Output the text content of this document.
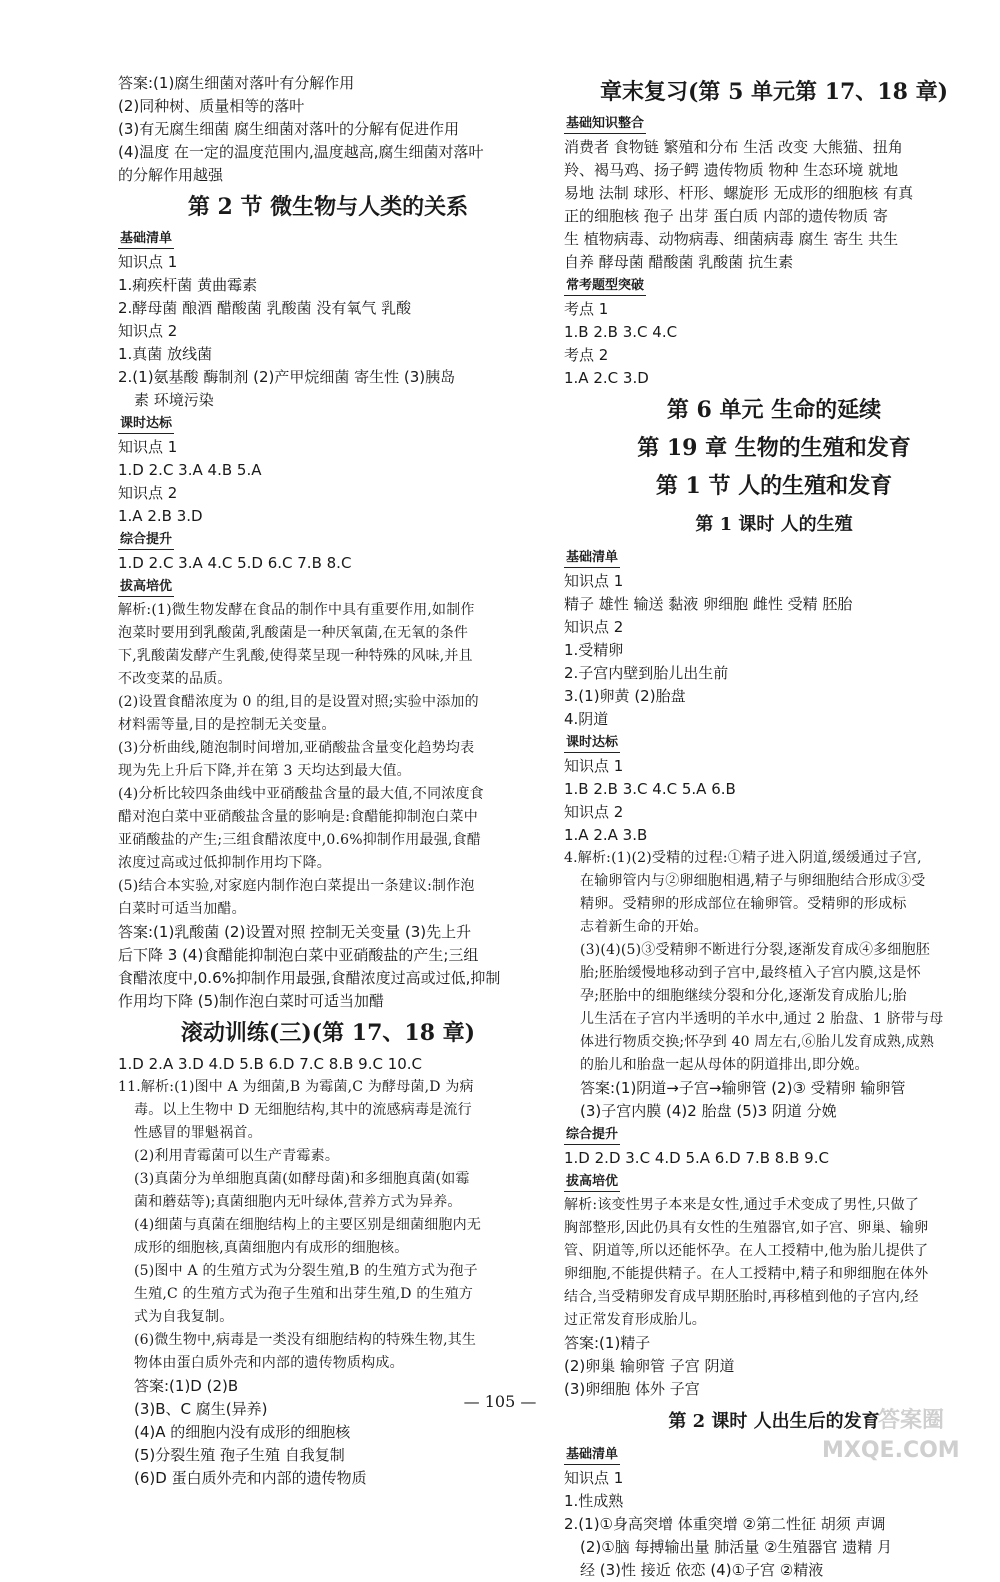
答案:(1)腐生细菌对落叶有分解作用
(2)同种树、质量相等的落叶
(3)有无腐生细菌 腐生细菌对落叶的分解有促进作用
(4)温度 在一定的温度范围内,温度越高,腐生细菌对落叶
的分解作用越强
第 2 节 微生物与人类的关系
基础清单
知识点 1
1.痢疾杆菌 黄曲霉素
2.酵母菌 酿酒 醋酸菌 乳酸菌 没有氧气 乳酸
知识点 2
1.真菌 放线菌
2.(1)氨基酸 酶制剂 (2)产甲烷细菌 寄生性 (3)胰岛
素 环境污染
课时达标
知识点 1
1.D 2.C 3.A 4.B 5.A
知识点 2
1.A 2.B 3.D
综合提升
1.D 2.C 3.A 4.C 5.D 6.C 7.B 8.C
拔高培优
解析:(1)微生物发酵在食品的制作中具有重要作用,如制作
泡菜时要用到乳酸菌,乳酸菌是一种厌氧菌,在无氧的条件
下,乳酸菌发酵产生乳酸,使得菜呈现一种特殊的风味,并且
不改变菜的品质。
(2)设置食醋浓度为 0 的组,目的是设置对照;实验中添加的
材料需等量,目的是控制无关变量。
(3)分析曲线,随泡制时间增加,亚硝酸盐含量变化趋势均表
现为先上升后下降,并在第 3 天均达到最大值。
(4)分析比较四条曲线中亚硝酸盐含量的最大值,不同浓度食
醋对泡白菜中亚硝酸盐含量的影响是:食醋能抑制泡白菜中
亚硝酸盐的产生;三组食醋浓度中,0.6%抑制作用最强,食醋
浓度过高或过低抑制作用均下降。
(5)结合本实验,对家庭内制作泡白菜提出一条建议:制作泡
白菜时可适当加醋。
答案:(1)乳酸菌 (2)设置对照 控制无关变量 (3)先上升
后下降 3 (4)食醋能抑制泡白菜中亚硝酸盐的产生;三组
食醋浓度中,0.6%抑制作用最强,食醋浓度过高或过低,抑制
作用均下降 (5)制作泡白菜时可适当加醋
滚动训练(三)(第 17、18 章)
1.D 2.A 3.D 4.D 5.B 6.D 7.C 8.B 9.C 10.C
11.解析:(1)图中 A 为细菌,B 为霉菌,C 为酵母菌,D 为病
毒。以上生物中 D 无细胞结构,其中的流感病毒是流行
性感冒的罪魁祸首。
(2)利用青霉菌可以生产青霉素。
(3)真菌分为单细胞真菌(如酵母菌)和多细胞真菌(如霉
菌和蘑菇等);真菌细胞内无叶绿体,营养方式为异养。
(4)细菌与真菌在细胞结构上的主要区别是细菌细胞内无
成形的细胞核,真菌细胞内有成形的细胞核。
(5)图中 A 的生殖方式为分裂生殖,B 的生殖方式为孢子
生殖,C 的生殖方式为孢子生殖和出芽生殖,D 的生殖方
式为自我复制。
(6)微生物中,病毒是一类没有细胞结构的特殊生物,其生
物体由蛋白质外壳和内部的遗传物质构成。
答案:(1)D (2)B
(3)B、C 腐生(异养)
(4)A 的细胞内没有成形的细胞核
(5)分裂生殖 孢子生殖 自我复制
(6)D 蛋白质外壳和内部的遗传物质
章末复习(第 5 单元第 17、18 章)
基础知识整合
消费者 食物链 繁殖和分布 生活 改变 大熊猫、扭角
羚、褐马鸡、扬子鳄 遗传物质 物种 生态环境 就地
易地 法制 球形、杆形、螺旋形 无成形的细胞核 有真
正的细胞核 孢子 出芽 蛋白质 内部的遗传物质 寄
生 植物病毒、动物病毒、细菌病毒 腐生 寄生 共生
自养 酵母菌 醋酸菌 乳酸菌 抗生素
常考题型突破
考点 1
1.B 2.B 3.C 4.C
考点 2
1.A 2.C 3.D
第 6 单元 生命的延续
第 19 章 生物的生殖和发育
第 1 节 人的生殖和发育
第 1 课时 人的生殖
基础清单
知识点 1
精子 雄性 输送 黏液 卵细胞 雌性 受精 胚胎
知识点 2
1.受精卵
2.子宫内壁到胎儿出生前
3.(1)卵黄 (2)胎盘
4.阴道
课时达标
知识点 1
1.B 2.B 3.C 4.C 5.A 6.B
知识点 2
1.A 2.A 3.B
4.解析:(1)(2)受精的过程:①精子进入阴道,缓缓通过子宫,
在输卵管内与②卵细胞相遇,精子与卵细胞结合形成③受
精卵。受精卵的形成部位在输卵管。受精卵的形成标
志着新生命的开始。
(3)(4)(5)③受精卵不断进行分裂,逐渐发育成④多细胞胚
胎;胚胎缓慢地移动到子宫中,最终植入子宫内膜,这是怀
孕;胚胎中的细胞继续分裂和分化,逐渐发育成胎儿;胎
儿生活在子宫内半透明的羊水中,通过 2 胎盘、1 脐带与母
体进行物质交换;怀孕到 40 周左右,⑥胎儿发育成熟,成熟
的胎儿和胎盘一起从母体的阴道排出,即分娩。
答案:(1)阴道→子宫→输卵管 (2)③ 受精卵 输卵管
(3)子宫内膜 (4)2 胎盘 (5)3 阴道 分娩
综合提升
1.D 2.D 3.C 4.D 5.A 6.D 7.B 8.B 9.C
拔高培优
解析:该变性男子本来是女性,通过手术变成了男性,只做了
胸部整形,因此仍具有女性的生殖器官,如子宫、卵巢、输卵
管、阴道等,所以还能怀孕。在人工授精中,他为胎儿提供了
卵细胞,不能提供精子。在人工授精中,精子和卵细胞在体外
结合,当受精卵发育成早期胚胎时,再移植到他的子宫内,经
过正常发育形成胎儿。
答案:(1)精子
(2)卵巢 输卵管 子宫 阴道
(3)卵细胞 体外 子宫
第 2 课时 人出生后的发育
基础清单
知识点 1
1.性成熟
2.(1)①身高突增 体重突增 ②第二性征 胡须 声调
(2)①脑 每搏输出量 肺活量 ②生殖器官 遗精 月
经 (3)性 接近 依恋 (4)①子宫 ②精液
— 105 —
答案圈
MXQE.COM
